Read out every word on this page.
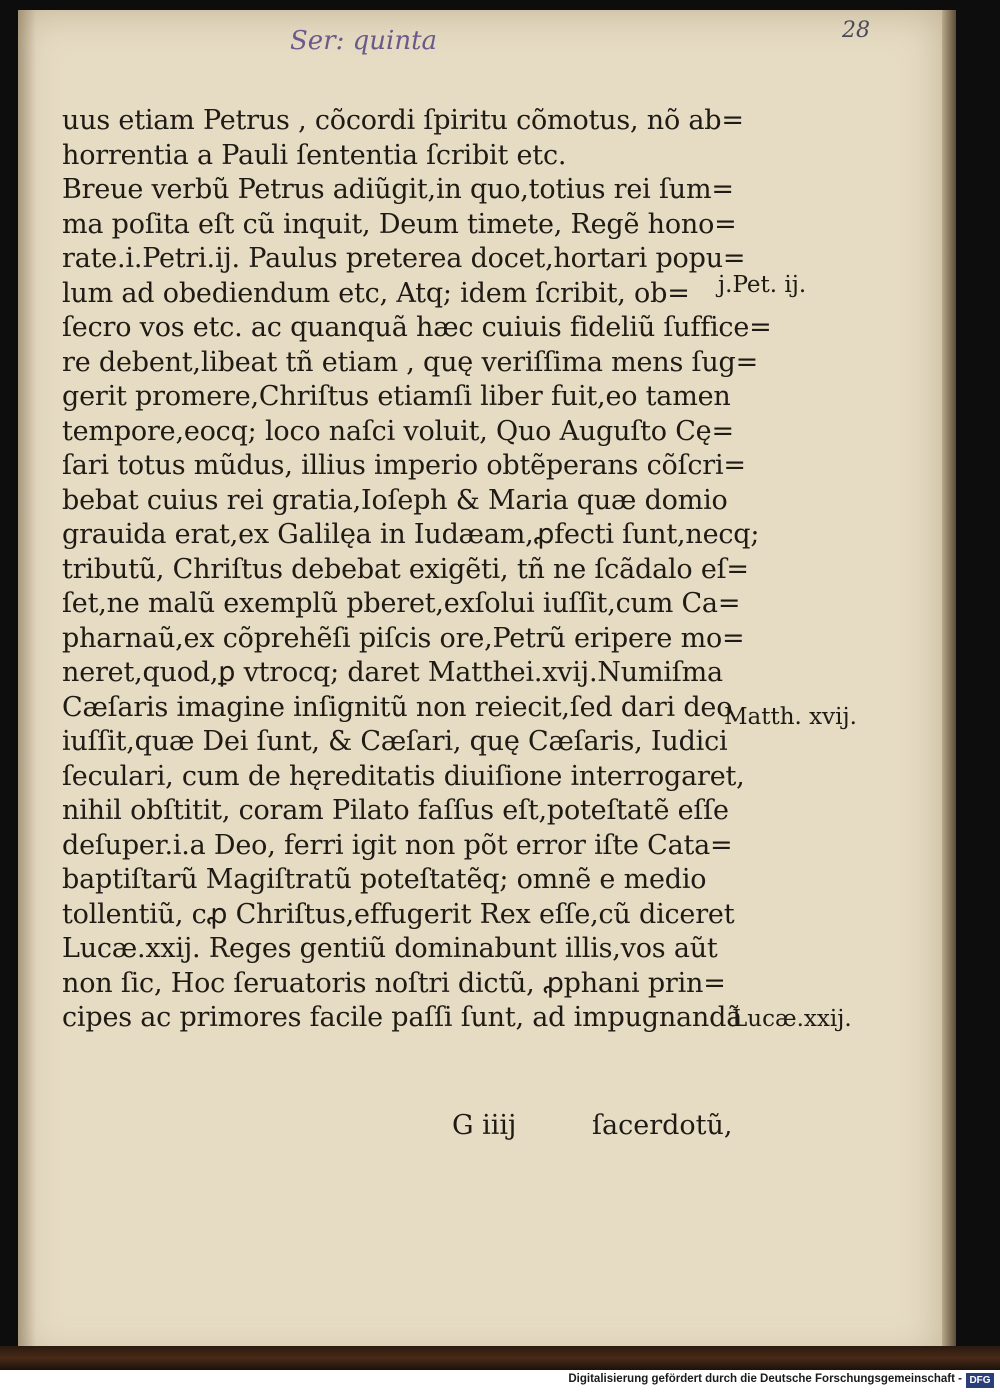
Ser: quinta	28
uus etiam Petrus , cõcordi ſpiritu cõmotus, nõ ab=
horrentia a Pauli ſententia ſcribit etc.
Breue verbũ Petrus adiũgit,in quo,totius rei ſum=
ma poſita eſt cũ inquit, Deum timete, Regẽ hono=
rate.i.Petri.ij. Paulus preterea docet,hortari popu=
lum ad obediendum etc, Atq; idem ſcribit, ob=
ſecro vos etc. ac quanquã hæc cuiuis fideliũ ſuffice=
re debent,libeat tñ etiam , quę veriſſima mens ſug=
gerit promere,Chriſtus etiamſi liber fuit,eo tamen
tempore,eocq; loco naſci voluit, Quo Auguſto Cę=
ſari totus mũdus, illius imperio obtẽperans cõſcri=
bebat cuius rei gratia,Ioſeph & Maria quæ domio
grauida erat,ex Galilęa in Iudæam,ꝓfecti ſunt,necq;
tributũ, Chriſtus debebat exigẽti, tñ ne ſcãdalo eſ=
ſet,ne malũ exemplũ pberet,exſolui iuſſit,cum Ca=
pharnaũ,ex cõprehẽſi piſcis ore,Petrũ eripere mo=
neret,quod,ꝑ vtrocq; daret Matthei.xvij.Numiſma
Cæſaris imagine inſignitũ non reiecit,ſed dari deo
iuſſit,quæ Dei ſunt, & Cæſari, quę Cæſaris, Iudici
ſeculari, cum de hęreditatis diuiſione interrogaret,
nihil obſtitit, coram Pilato faſſus eſt,poteſtatẽ eſſe
deſuper.i.a Deo, ferri igit non põt error iſte Cata=
baptiſtarũ Magiſtratũ poteſtatẽq; omnẽ e medio
tollentiũ, cꝓ Chriſtus,effugerit Rex eſſe,cũ diceret
Lucæ.xxij. Reges gentiũ dominabunt illis,vos aũt
non ſic, Hoc ſeruatoris noſtri dictũ, ꝓphani prin=
cipes ac primores facile paſſi ſunt, ad impugnandã
j.Pet. ij.
Matth. xvij.
Lucæ.xxij.
G iiij	ſacerdotũ,
Digitalisierung gefördert durch die Deutsche Forschungsgemeinschaft - DFG
